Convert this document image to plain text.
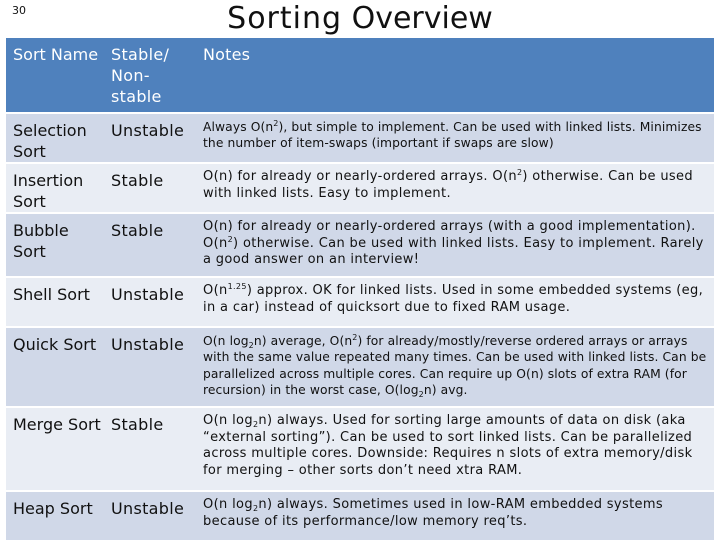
30	Sorting Overview
Sort Name	Stable/ Non-stable	Notes
Selection Sort	Unstable	Always $O(n^2)$, but simple to implement. Can be used with linked lists. Minimizes the number of item-swaps (important if swaps are slow)
Insertion Sort	Stable	O(n) for already or nearly-ordered arrays. $O(n^2)$ otherwise. Can be used with linked lists. Easy to implement.
Bubble Sort	Stable	O(n) for already or nearly-ordered arrays (with a good implementation). $O(n^2)$ otherwise. Can be used with linked lists. Easy to implement. Rarely a good answer on an interview!
Shell Sort	Unstable	$O(n^{1.25})$ approx. OK for linked lists. Used in some embedded systems (eg, in a car) instead of quicksort due to fixed RAM usage.
Quick Sort	Unstable	O(n $\log_2n$) average, $O(n^2)$ for already/mostly/reverse ordered arrays or arrays with the same value repeated many times. Can be used with linked lists. Can be parallelized across multiple cores. Can require up O(n) slots of extra RAM (for recursion) in the worst case, $O(\log_2n)$ avg.
Merge Sort	Stable	O(n $\log_2n$) always. Used for sorting large amounts of data on disk (aka “external sorting”). Can be used to sort linked lists. Can be parallelized across multiple cores. Downside: Requires n slots of extra memory/disk for merging – other sorts don’t need xtra RAM.
Heap Sort	Unstable	O(n $\log_2n$) always. Sometimes used in low-RAM embedded systems because of its performance/low memory req’ts.
